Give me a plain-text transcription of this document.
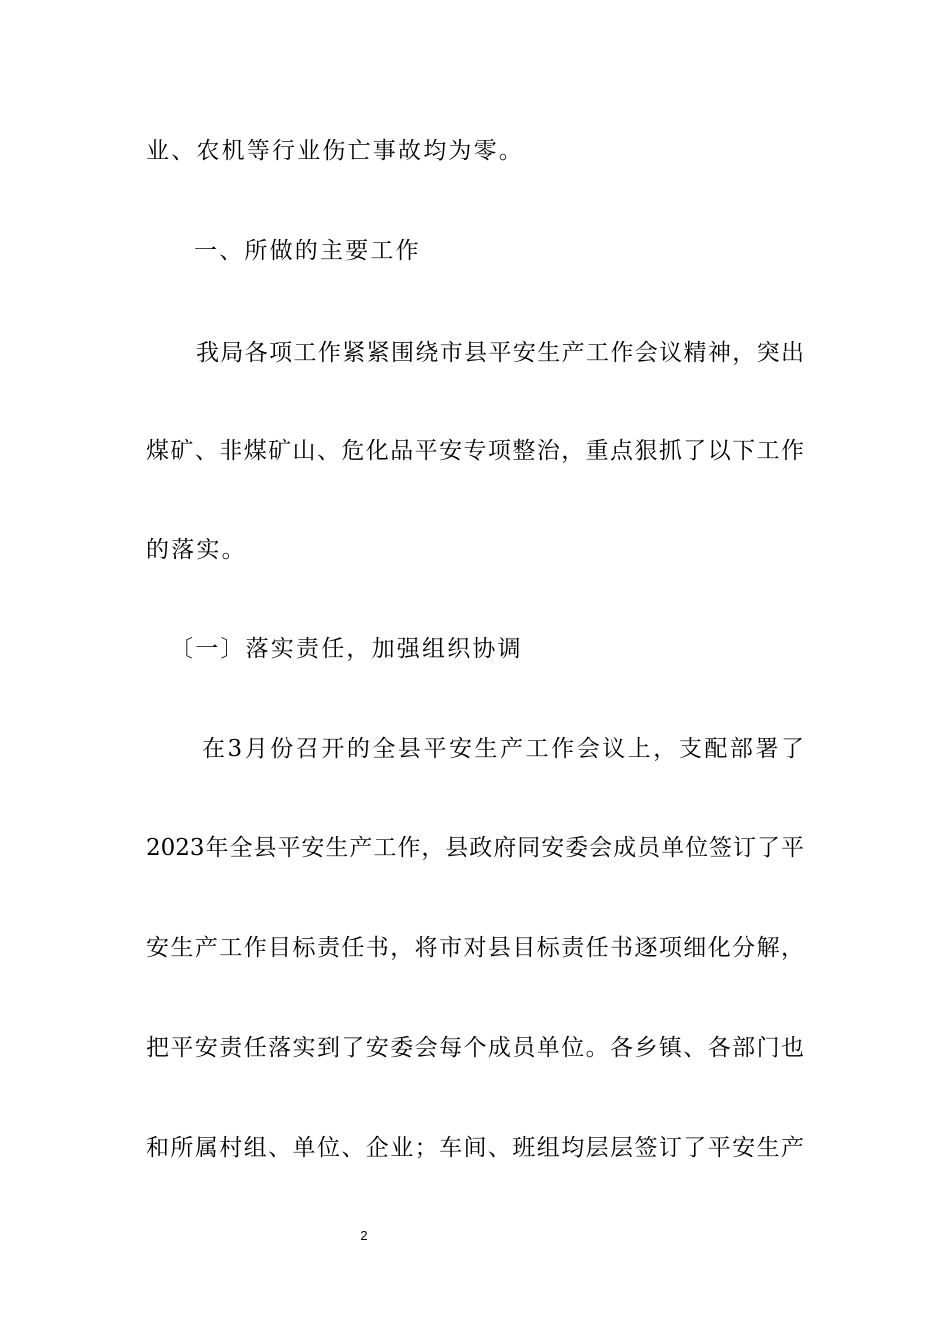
业、农机等行业伤亡事故均为零。
一、所做的主要工作
我局各项工作紧紧围绕市县平安生产工作会议精神，突出
煤矿、非煤矿山、危化品平安专项整治，重点狠抓了以下工作
的落实。
〔一〕落实责任，加强组织协调
在3月份召开的全县平安生产工作会议上，支配部署了
2023年全县平安生产工作，县政府同安委会成员单位签订了平
安生产工作目标责任书，将市对县目标责任书逐项细化分解，
把平安责任落实到了安委会每个成员单位。各乡镇、各部门也
和所属村组、单位、企业；车间、班组均层层签订了平安生产
2
